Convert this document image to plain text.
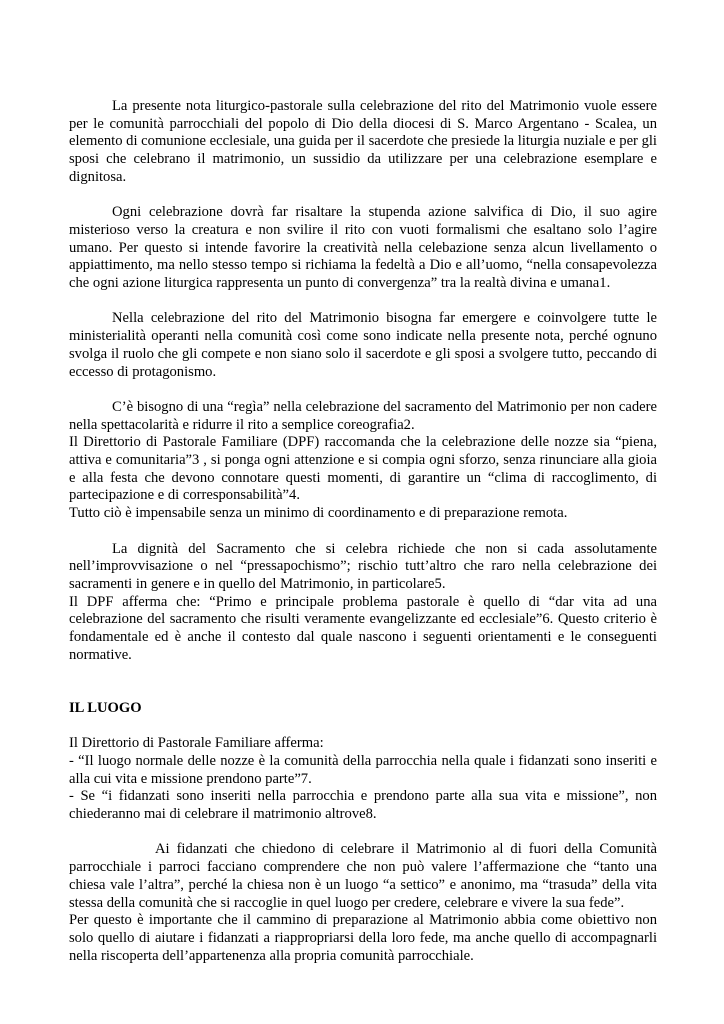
La presente nota liturgico-pastorale sulla celebrazione del rito del Matrimonio vuole essere per le comunità parrocchiali del popolo di Dio della diocesi di S. Marco Argentano - Scalea, un elemento di comunione ecclesiale, una guida per il sacerdote che presiede la liturgia nuziale e per gli sposi che celebrano il matrimonio, un sussidio da utilizzare per una celebrazione esemplare e dignitosa.

Ogni celebrazione dovrà far risaltare la stupenda azione salvifica di Dio, il suo agire misterioso verso la creatura e non svilire il rito con vuoti formalismi che esaltano solo l’agire umano. Per questo si intende favorire la creatività nella celebazione senza alcun livellamento o appiattimento, ma nello stesso tempo si richiama la fedeltà a Dio e all’uomo, “nella consapevolezza che ogni azione liturgica rappresenta un punto di convergenza” tra la realtà divina e umana1.

Nella celebrazione del rito del Matrimonio bisogna far emergere e coinvolgere tutte le ministerialità operanti nella comunità così come sono indicate nella presente nota, perché ognuno svolga il ruolo che gli compete e non siano solo il sacerdote e gli sposi a svolgere tutto, peccando di eccesso di protagonismo.

C’è bisogno di una “regìa” nella celebrazione del sacramento del Matrimonio per non cadere nella spettacolarità e ridurre il rito a semplice coreografia2.

Il Direttorio di Pastorale Familiare (DPF) raccomanda che la celebrazione delle nozze sia “piena, attiva e comunitaria”3 , si ponga ogni attenzione e si compia ogni sforzo, senza rinunciare alla gioia e alla festa che devono connotare questi momenti, di garantire un “clima di raccoglimento, di partecipazione e di corresponsabilità”4.

Tutto ciò è impensabile senza un minimo di coordinamento e di preparazione remota.

La dignità del Sacramento che si celebra richiede che non si cada assolutamente nell’improvvisazione o nel “pressapochismo”; rischio tutt’altro che raro nella celebrazione dei sacramenti in genere e in quello del Matrimonio, in particolare5.

Il DPF afferma che: “Primo e principale problema pastorale è quello di “dar vita ad una celebrazione del sacramento che risulti veramente evangelizzante ed ecclesiale”6. Questo criterio è fondamentale ed è anche il contesto dal quale nascono i seguenti orientamenti e le conseguenti normative.

IL LUOGO

Il Direttorio di Pastorale Familiare afferma:

- “Il luogo normale delle nozze è la comunità della parrocchia nella quale i fidanzati sono inseriti e alla cui vita e missione prendono parte”7.

- Se “i fidanzati sono inseriti nella parrocchia e prendono parte alla sua vita e missione”, non chiederanno mai di celebrare il matrimonio altrove8.

Ai fidanzati che chiedono di celebrare il Matrimonio al di fuori della Comunità parrocchiale i parroci facciano comprendere che non può valere l’affermazione che “tanto una chiesa vale l’altra”, perché la chiesa non è un luogo “a settico” e anonimo, ma “trasuda” della vita stessa della comunità che si raccoglie in quel luogo per credere, celebrare e vivere la sua fede”.

Per questo è importante che il cammino di preparazione al Matrimonio abbia come obiettivo non solo quello di aiutare i fidanzati a riappropriarsi della loro fede, ma anche quello di accompagnarli nella riscoperta dell’appartenenza alla propria comunità parrocchiale.
